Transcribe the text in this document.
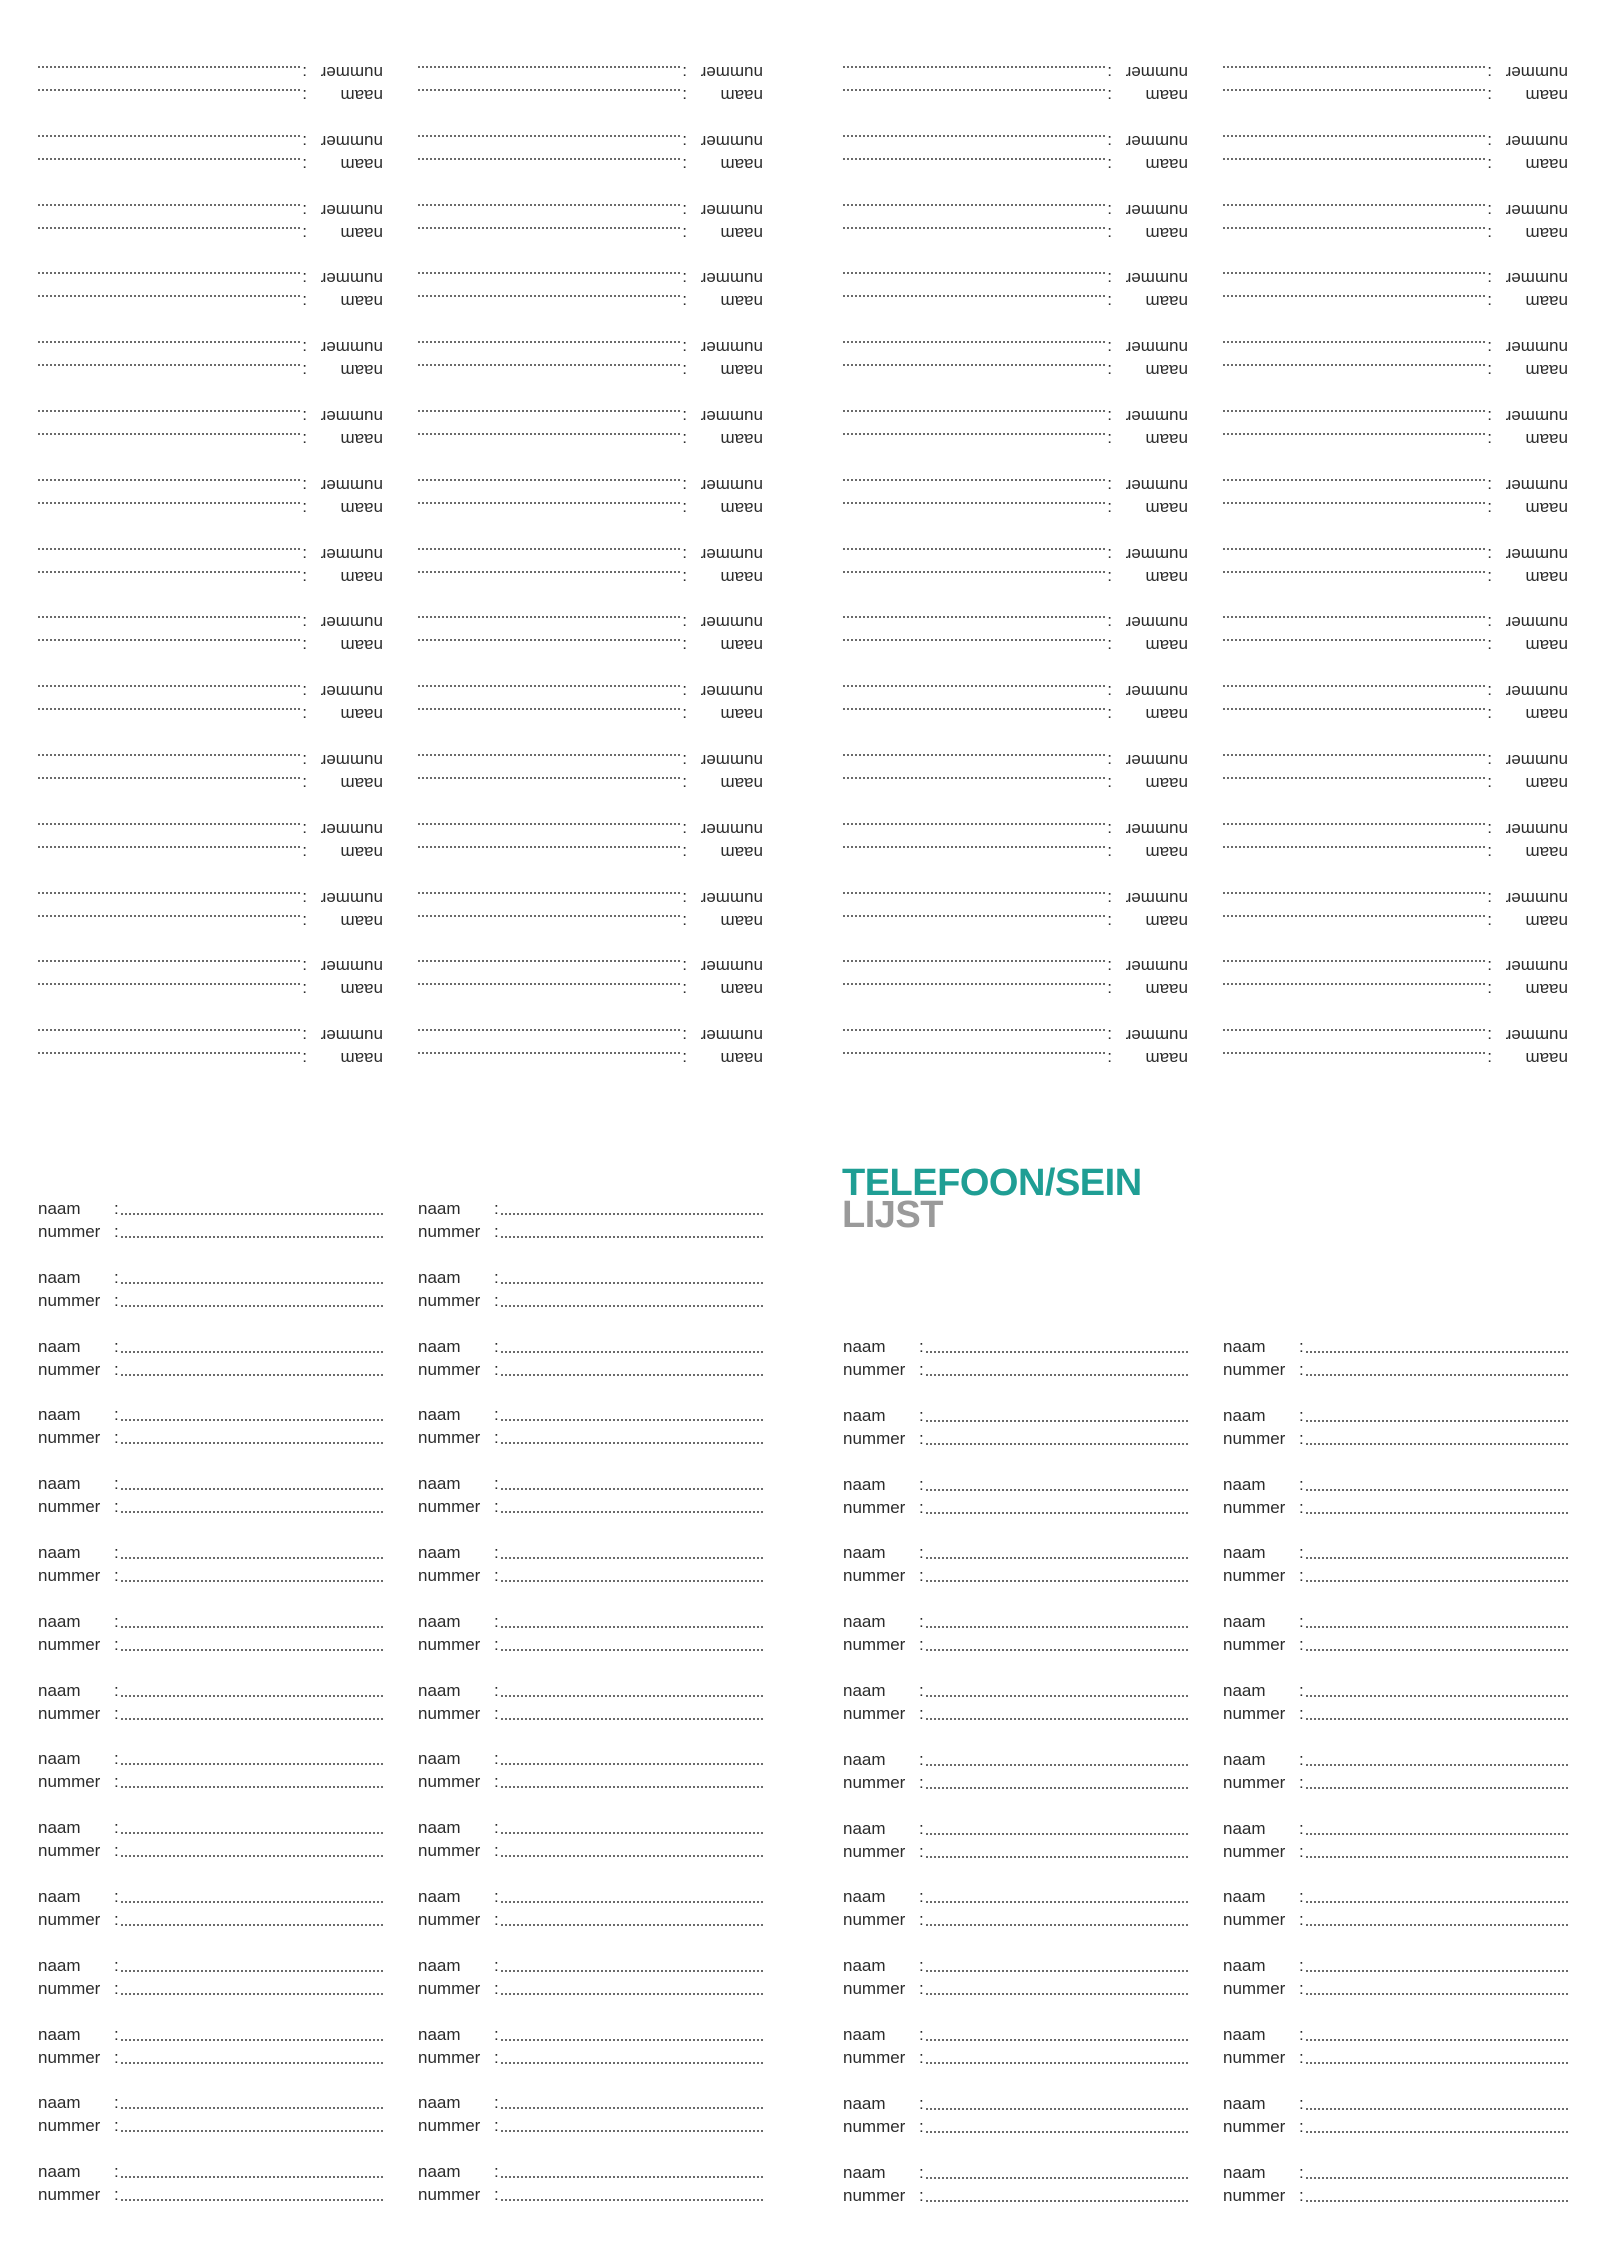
naam
:
nummer
:
naam
:
nummer
:
naam
:
nummer
:
naam
:
nummer
:
naam
:
nummer
:
naam
:
nummer
:
naam
:
nummer
:
naam
:
nummer
:
naam
:
nummer
:
naam
:
nummer
:
naam
:
nummer
:
naam
:
nummer
:
naam
:
nummer
:
naam
:
nummer
:
naam
:
nummer
:
naam
:
nummer
:
naam
:
nummer
:
naam
:
nummer
:
naam
:
nummer
:
naam
:
nummer
:
naam
:
nummer
:
naam
:
nummer
:
naam
:
nummer
:
naam
:
nummer
:
naam
:
nummer
:
naam
:
nummer
:
naam
:
nummer
:
naam
:
nummer
:
naam
:
nummer
:
naam
:
nummer
:
naam
:
nummer
:
naam
:
nummer
:
naam
:
nummer
:
naam
:
nummer
:
naam
:
nummer
:
naam
:
nummer
:
naam
:
nummer
:
naam
:
nummer
:
naam
:
nummer
:
naam
:
nummer
:
naam
:
nummer
:
naam
:
nummer
:
naam
:
nummer
:
naam
:
nummer
:
naam
:
nummer
:
naam
:
nummer
:
naam
:
nummer
:
naam
:
nummer
:
naam
:
nummer
:
naam
:
nummer
:
naam
:
nummer
:
naam
:
nummer
:
naam
:
nummer
:
naam
:
nummer
:
naam
:
nummer
:
naam
:
nummer
:
naam
:
nummer
:
naam
:
nummer
:
naam
:
nummer
:
naam
:
nummer
:
naam :
nummer :
naam :
nummer :
naam :
nummer :
naam :
nummer :
naam :
nummer :
naam :
nummer :
naam :
nummer :
naam :
nummer :
naam :
nummer :
naam :
nummer :
naam :
nummer :
naam :
nummer :
naam :
nummer :
naam :
nummer :
naam :
nummer :
naam :
nummer :
naam :
nummer :
naam :
nummer :
naam :
nummer :
naam :
nummer :
naam :
nummer :
naam :
nummer :
naam :
nummer :
naam :
nummer :
naam :
nummer :
naam :
nummer :
naam :
nummer :
naam :
nummer :
naam :
nummer :
naam :
nummer :
naam :
nummer :
naam :
nummer :
naam :
nummer :
naam :
nummer :
naam :
nummer :
naam :
nummer :
naam :
nummer :
naam :
nummer :
naam :
nummer :
naam :
nummer :
naam :
nummer :
naam :
nummer :
naam :
nummer :
naam :
nummer :
naam :
nummer :
naam :
nummer :
naam :
nummer :
naam :
nummer :
naam :
nummer :
naam :
nummer :
naam :
nummer :
naam :
nummer :
naam :
nummer :
naam :
nummer :
naam :
nummer :
naam :
nummer :
TELEFOON/SEIN
LIJST
